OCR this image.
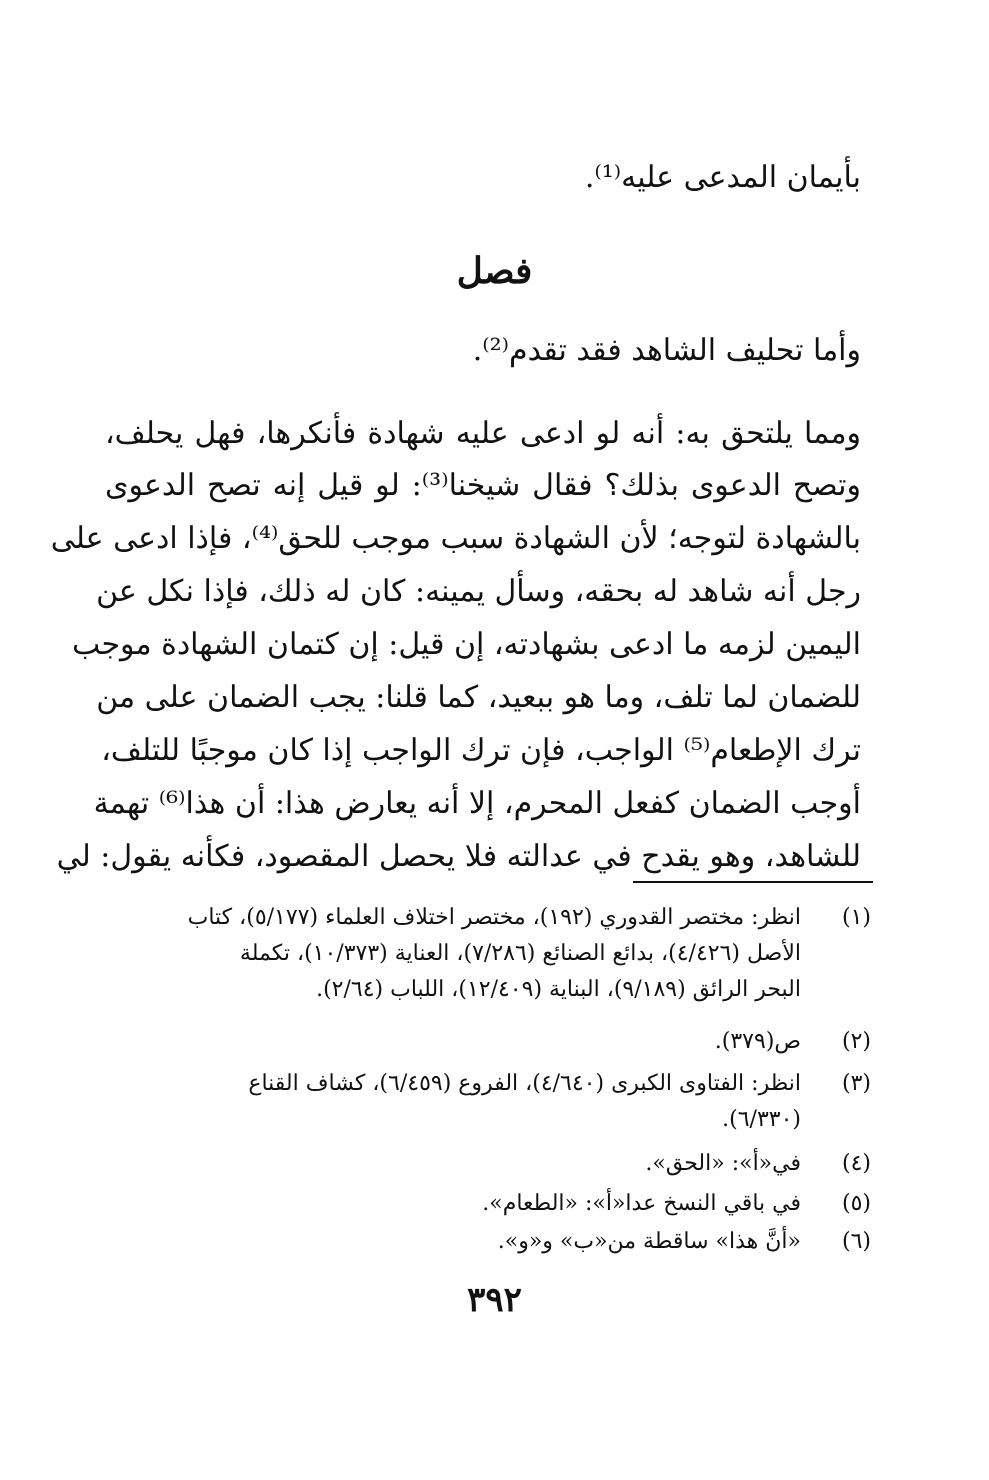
بأيمان المدعى عليه⁽¹⁾.
فصل
وأما تحليف الشاهد فقد تقدم⁽²⁾.
ومما يلتحق به: أنه لو ادعى عليه شهادة فأنكرها، فهل يحلف،
وتصح الدعوى بذلك؟ فقال شيخنا⁽³⁾: لو قيل إنه تصح الدعوى
بالشهادة لتوجه؛ لأن الشهادة سبب موجب للحق⁽⁴⁾، فإذا ادعى على
رجل أنه شاهد له بحقه، وسأل يمينه: كان له ذلك، فإذا نكل عن
اليمين لزمه ما ادعى بشهادته، إن قيل: إن كتمان الشهادة موجب
للضمان لما تلف، وما هو ببعيد، كما قلنا: يجب الضمان على من
ترك الإطعام⁽⁵⁾ الواجب، فإن ترك الواجب إذا كان موجبًا للتلف،
أوجب الضمان كفعل المحرم، إلا أنه يعارض هذا: أن هذا⁽⁶⁾ تهمة
للشاهد، وهو يقدح في عدالته فلا يحصل المقصود، فكأنه يقول: لي
(١)
انظر: مختصر القدوري (١٩٢)، مختصر اختلاف العلماء (٥/١٧٧)، كتاب
الأصل (٤/٤٢٦)، بدائع الصنائع (٧/٢٨٦)، العناية (١٠/٣٧٣)، تكملة
البحر الرائق (٩/١٨٩)، البناية (١٢/٤٠٩)، اللباب (٢/٦٤).
(٢)
ص(٣٧٩).
(٣)
انظر: الفتاوى الكبرى (٤/٦٤٠)، الفروع (٦/٤٥٩)، كشاف القناع
(٦/٣٣٠).
(٤)
في«أ»: «الحق».
(٥)
في باقي النسخ عدا«أ»: «الطعام».
(٦)
«أنَّ هذا» ساقطة من«ب» و«و».
٣٩٢
